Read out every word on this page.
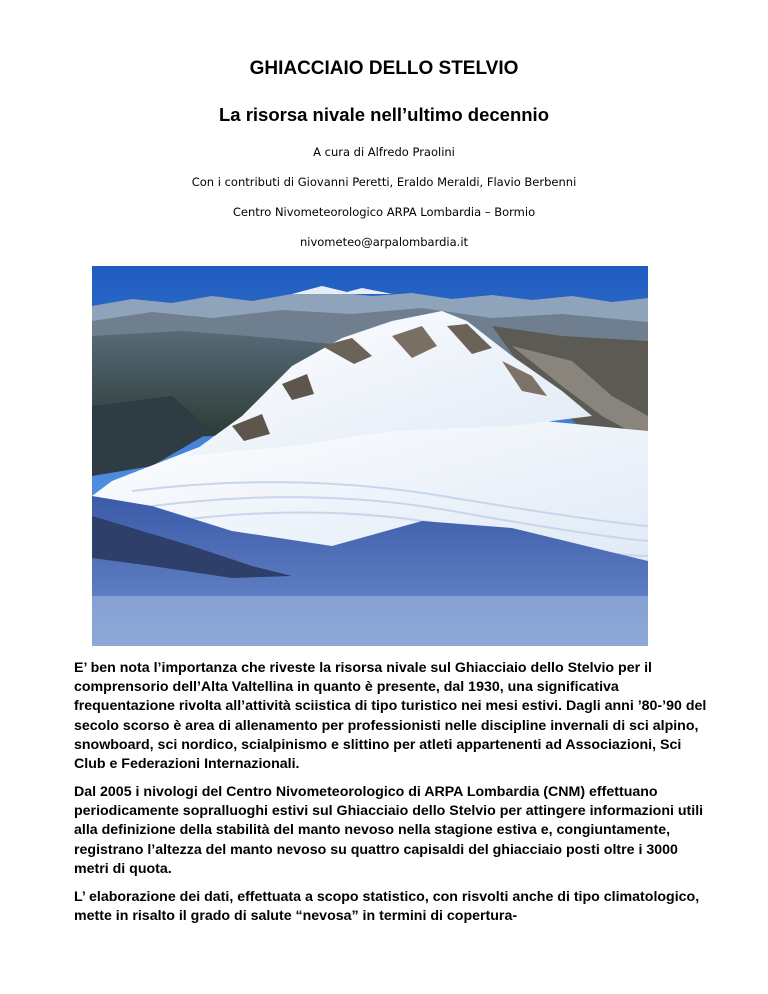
GHIACCIAIO DELLO STELVIO
La risorsa nivale nell’ultimo decennio

A cura di Alfredo Praolini

Con i contributi di Giovanni Peretti, Eraldo Meraldi, Flavio Berbenni

Centro Nivometeorologico ARPA Lombardia – Bormio

nivometeo@arpalombardia.it

E’ ben nota l’importanza che riveste la risorsa nivale sul Ghiacciaio dello Stelvio per il comprensorio dell’Alta Valtellina in quanto è presente, dal 1930, una significativa frequentazione rivolta all’attività sciistica di tipo turistico nei mesi estivi. Dagli anni ’80-’90 del secolo scorso è area di allenamento per professionisti nelle discipline invernali di sci alpino, snowboard, sci nordico, scialpinismo e slittino per atleti appartenenti ad Associazioni, Sci Club e Federazioni Internazionali.

Dal 2005 i nivologi del Centro Nivometeorologico di ARPA Lombardia (CNM) effettuano periodicamente sopralluoghi estivi sul Ghiacciaio dello Stelvio per attingere informazioni utili alla definizione della stabilità del manto nevoso nella stagione estiva e, congiuntamente, registrano l’altezza del manto nevoso su quattro capisaldi del ghiacciaio posti oltre i 3000 metri di quota.

L’ elaborazione dei dati, effettuata a scopo statistico, con risvolti anche di tipo climatologico, mette in risalto il grado di salute “nevosa” in termini di copertura-
